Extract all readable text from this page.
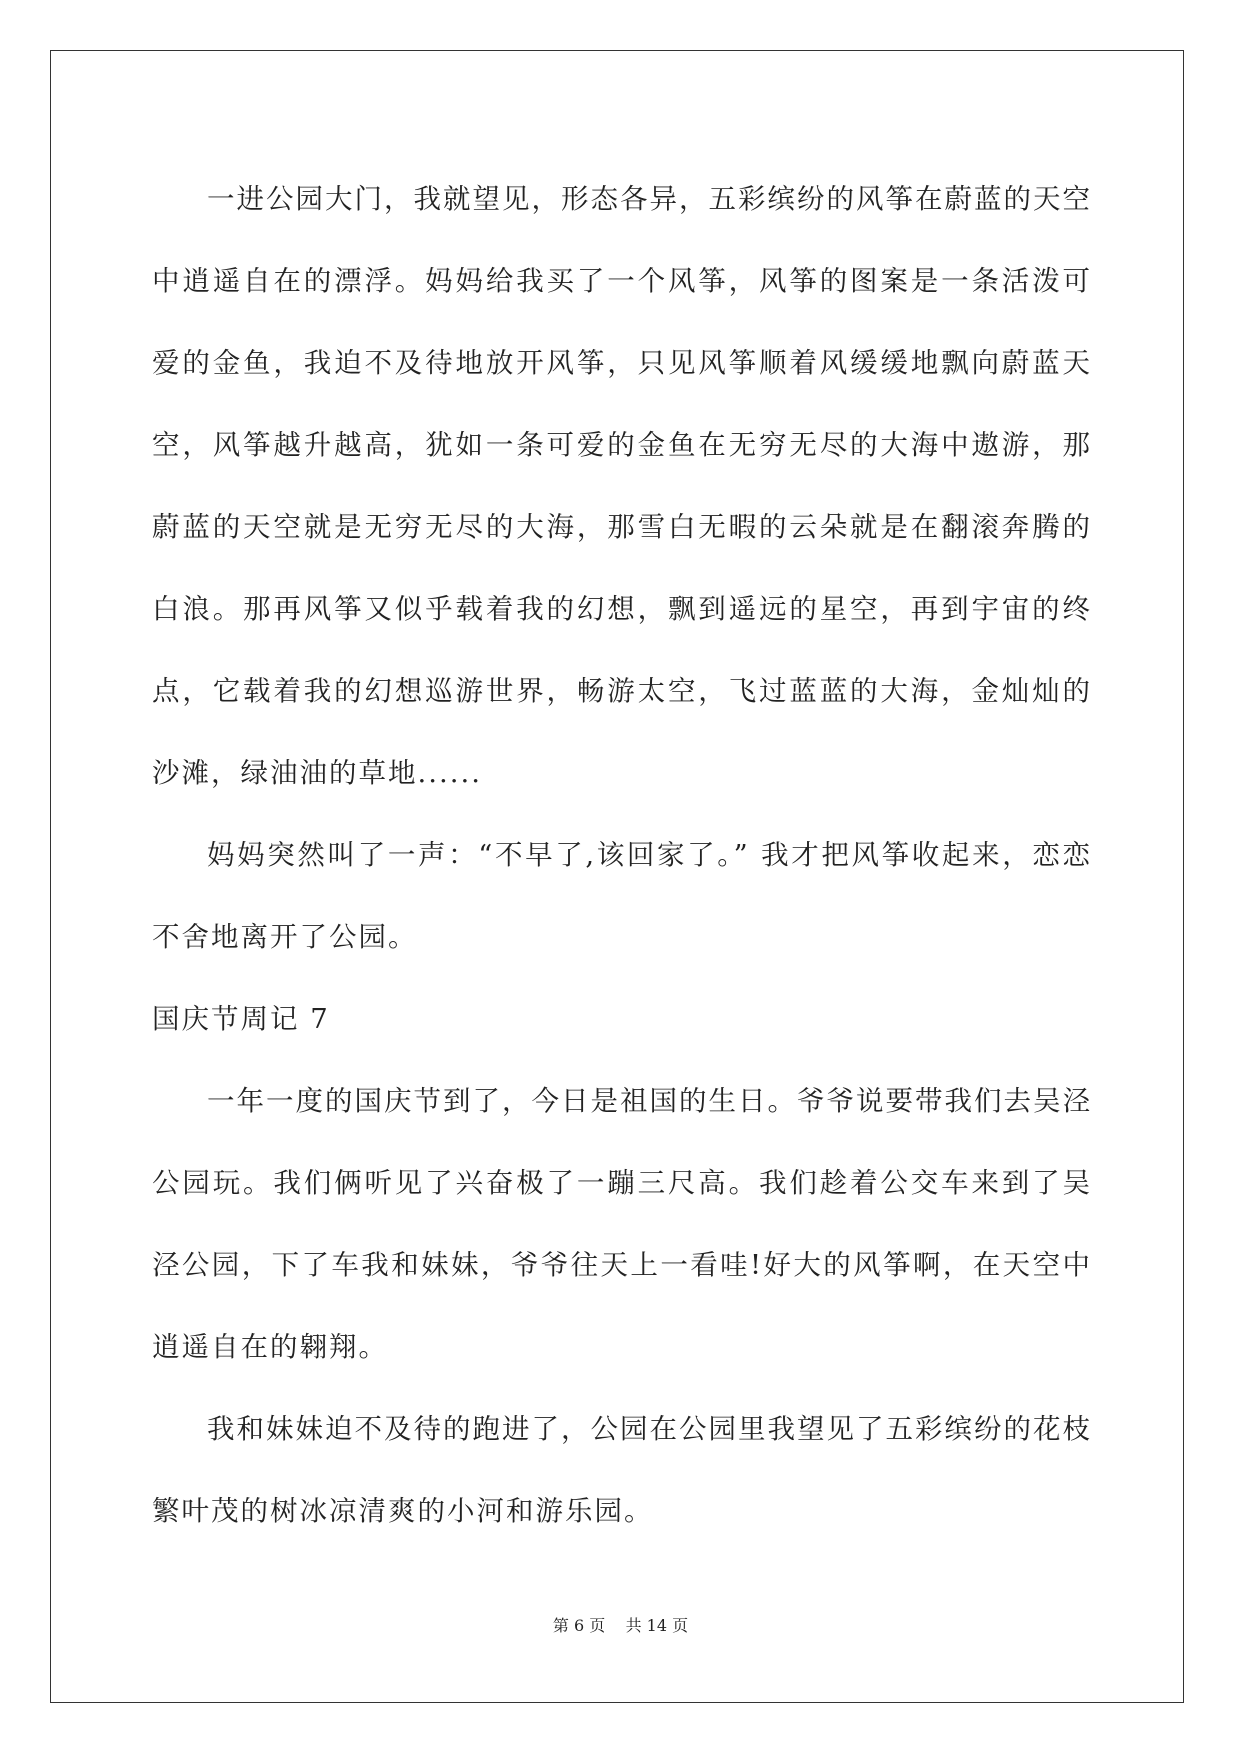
一进公园大门，我就望见，形态各异，五彩缤纷的风筝在蔚蓝的天空中逍遥自在的漂浮。妈妈给我买了一个风筝，风筝的图案是一条活泼可爱的金鱼，我迫不及待地放开风筝，只见风筝顺着风缓缓地飘向蔚蓝天空，风筝越升越高，犹如一条可爱的金鱼在无穷无尽的大海中遨游，那蔚蓝的天空就是无穷无尽的大海，那雪白无暇的云朵就是在翻滚奔腾的白浪。那再风筝又似乎载着我的幻想，飘到遥远的星空，再到宇宙的终点，它载着我的幻想巡游世界，畅游太空，飞过蓝蓝的大海，金灿灿的沙滩，绿油油的草地......

妈妈突然叫了一声：“不早了,该回家了。” 我才把风筝收起来，恋恋不舍地离开了公园。

国庆节周记 7

一年一度的国庆节到了，今日是祖国的生日。爷爷说要带我们去吴泾公园玩。我们俩听见了兴奋极了一蹦三尺高。我们趁着公交车来到了吴泾公园，下了车我和妹妹，爷爷往天上一看哇!好大的风筝啊，在天空中逍遥自在的翱翔。

我和妹妹迫不及待的跑进了，公园在公园里我望见了五彩缤纷的花枝繁叶茂的树冰凉清爽的小河和游乐园。

第 6 页 共 14 页
